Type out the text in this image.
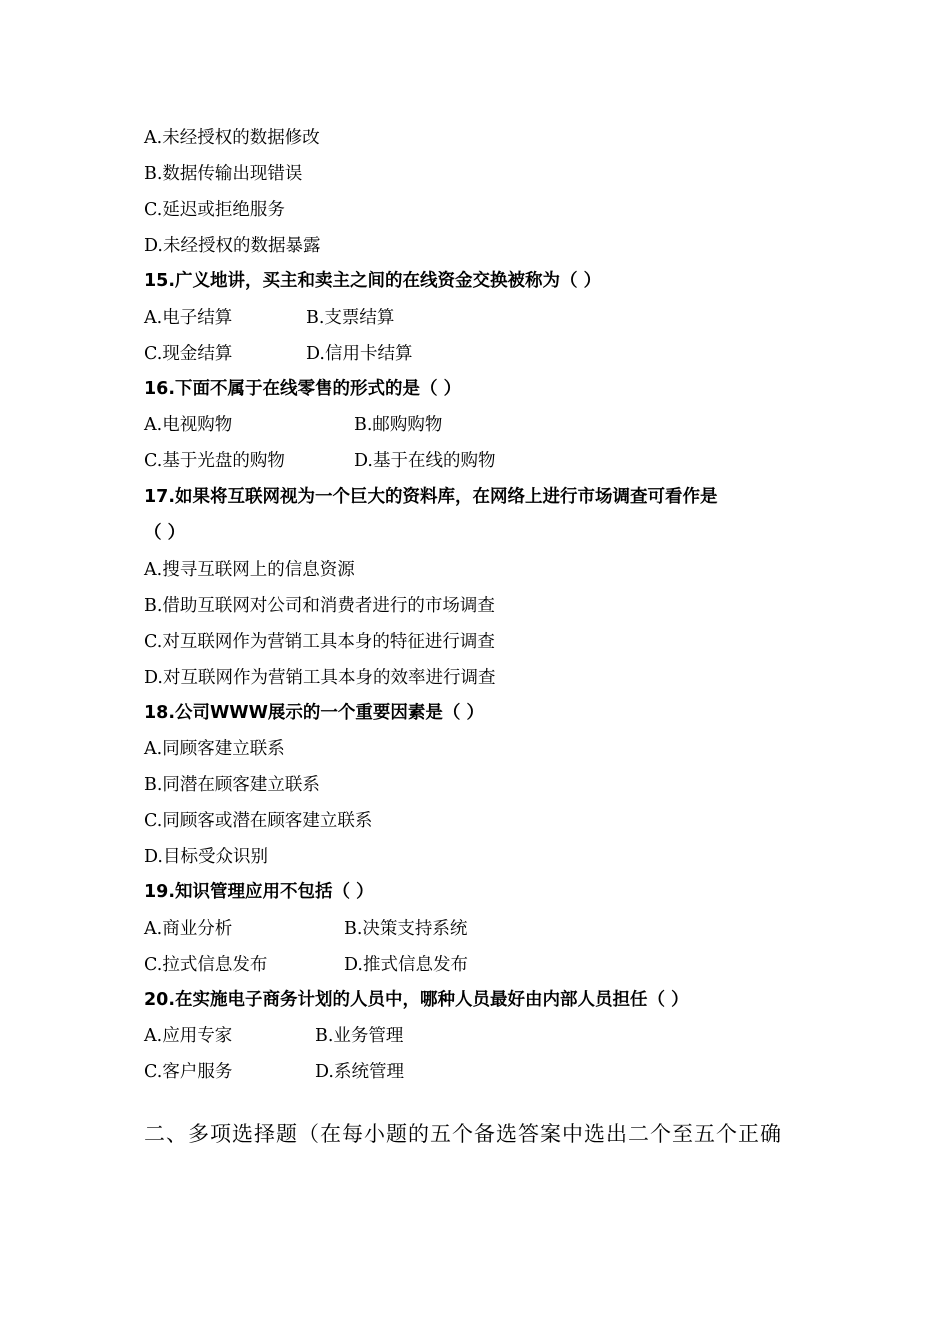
A.未经授权的数据修改
B.数据传输出现错误
C.延迟或拒绝服务
D.未经授权的数据暴露
15.广义地讲，买主和卖主之间的在线资金交换被称为（ ）
A.电子结算	B.支票结算
C.现金结算	D.信用卡结算
16.下面不属于在线零售的形式的是（ ）
A.电视购物	B.邮购购物
C.基于光盘的购物	D.基于在线的购物
17.如果将互联网视为一个巨大的资料库，在网络上进行市场调查可看作是
（ ）
A.搜寻互联网上的信息资源
B.借助互联网对公司和消费者进行的市场调查
C.对互联网作为营销工具本身的特征进行调查
D.对互联网作为营销工具本身的效率进行调查
18.公司WWW展示的一个重要因素是（ ）
A.同顾客建立联系
B.同潜在顾客建立联系
C.同顾客或潜在顾客建立联系
D.目标受众识别
19.知识管理应用不包括（ ）
A.商业分析	B.决策支持系统
C.拉式信息发布	D.推式信息发布
20.在实施电子商务计划的人员中，哪种人员最好由内部人员担任（ ）
A.应用专家	B.业务管理
C.客户服务	D.系统管理
二、多项选择题（在每小题的五个备选答案中选出二个至五个正确
